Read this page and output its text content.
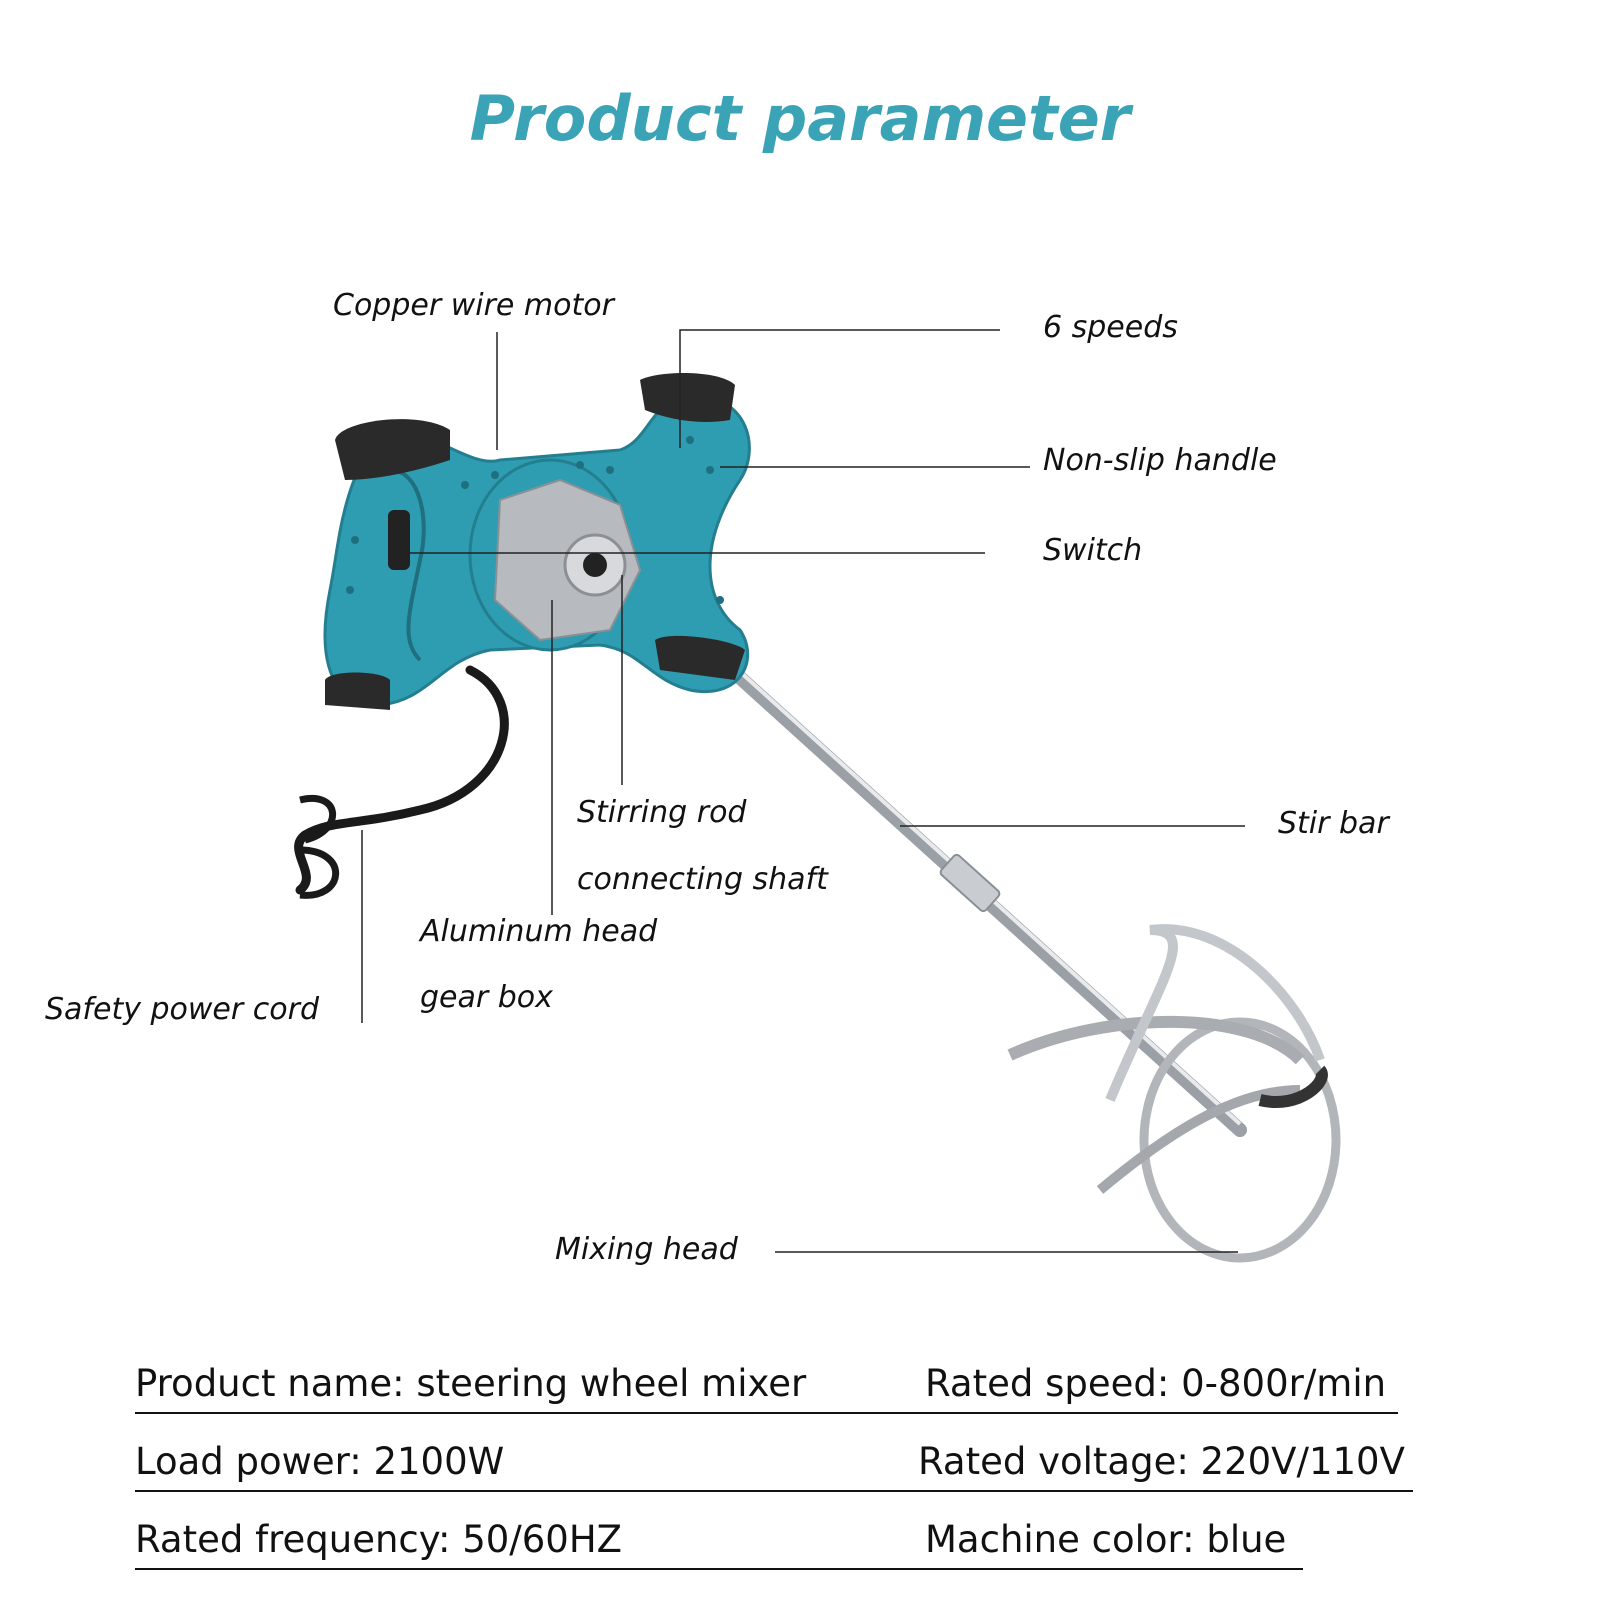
Product parameter
Copper wire motor
6 speeds
Non-slip handle
Switch
Stir bar
Stirring rod
connecting shaft
Aluminum head
gear box
Safety power cord
Mixing head
Product name: steering wheel mixer	Rated speed: 0-800r/min
Load power: 2100W	Rated voltage: 220V/110V
Rated frequency: 50/60HZ	Machine color: blue
